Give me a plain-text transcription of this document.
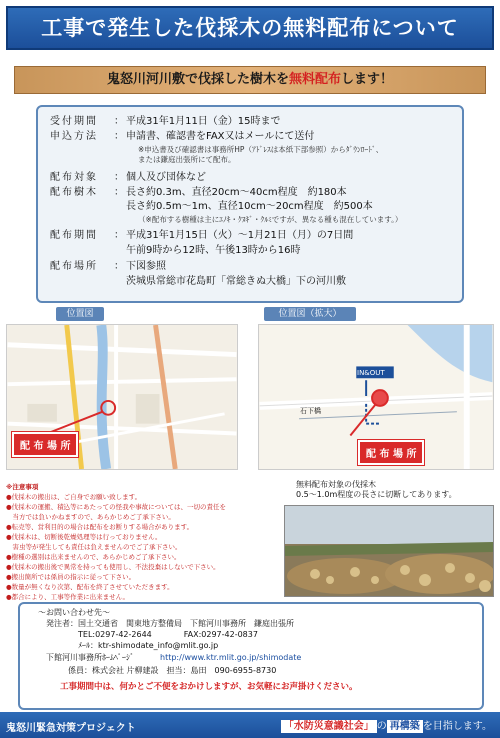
工事で発生した伐採木の無料配布について
鬼怒川河川敷で伐採した樹木を無料配布します！
受付期間 ： 平成31年1月11日（金）15時まで
申込方法 ： 申請書、確認書をFAX又はメールにて送付
※申込書及び確認書は事務所HP（ｱﾄﾞﾚｽは本紙下部参照）からﾀﾞｳﾝﾛｰﾄﾞ、
または鎌庭出張所にて配布。
配布対象 ： 個人及び団体など
配布樹木 ： 長さ約0.3m、直径20cm～40cm程度　約180本
長さ約0.5m～1m、直径10cm～20cm程度　約500本
（※配布する樹種は主にｴﾉｷ・ｸﾇｷﾞ・ｸﾙﾐですが、異なる種も混在しています。）
配布期間 ： 平成31年1月15日（火）～1月21日（月）の7日間
午前9時から12時、午後13時から16時
配布場所 ： 下図参照
茨城県常総市花島町「常総きぬ大橋」下の河川敷
位置図	位置図（拡大）
配 布 場 所
IN&OUT
石下橋
配 布 場 所
※注意事項
●伐採木の搬出は、ご自身でお願い致します。
●伐採木の運搬、積込等にあたっての怪我や事故については、一切の責任を
　当方では負いかねますので、あらかじめご了承下さい。
●転売等、営利目的の場合は配布をお断りする場合があります。
●伐採木は、切断後乾燥処理等は行っておりません。
　害虫等が発生しても責任は負えませんのでご了承下さい。
●樹種の選別は出来ませんので、あらかじめご了承下さい。
●伐採木の搬出後で異常を持っても使用し、不法投棄はしないで下さい。
●搬出箇所では係員の指示に従って下さい。
●数量が無くなり次第、配布を終了させていただきます。
●都合により、工事等作業に出来ません。
無料配布対象の伐採木
0.5～1.0m程度の長さに切断してあります。
～お問い合わせ先～
発注者：国土交通省　関東地方整備局　下館河川事務所　鎌庭出張所
TEL:0297-42-2644　　　　FAX:0297-42-0837
ﾒｰﾙ：ktr-shimodate_info@mlit.go.jp
下館河川事務所ﾎｰﾑﾍﾟｰｼﾞ	http://www.ktr.mlit.go.jp/shimodate
係員：株式会社 片柳建設　担当：島田　090-6955-8730
工事期間中は、何かとご不便をおかけしますが、お気軽にお声掛けください。
鬼怒川緊急対策プロジェクト	「水防災意識社会」 の 再構築 を目指します。
